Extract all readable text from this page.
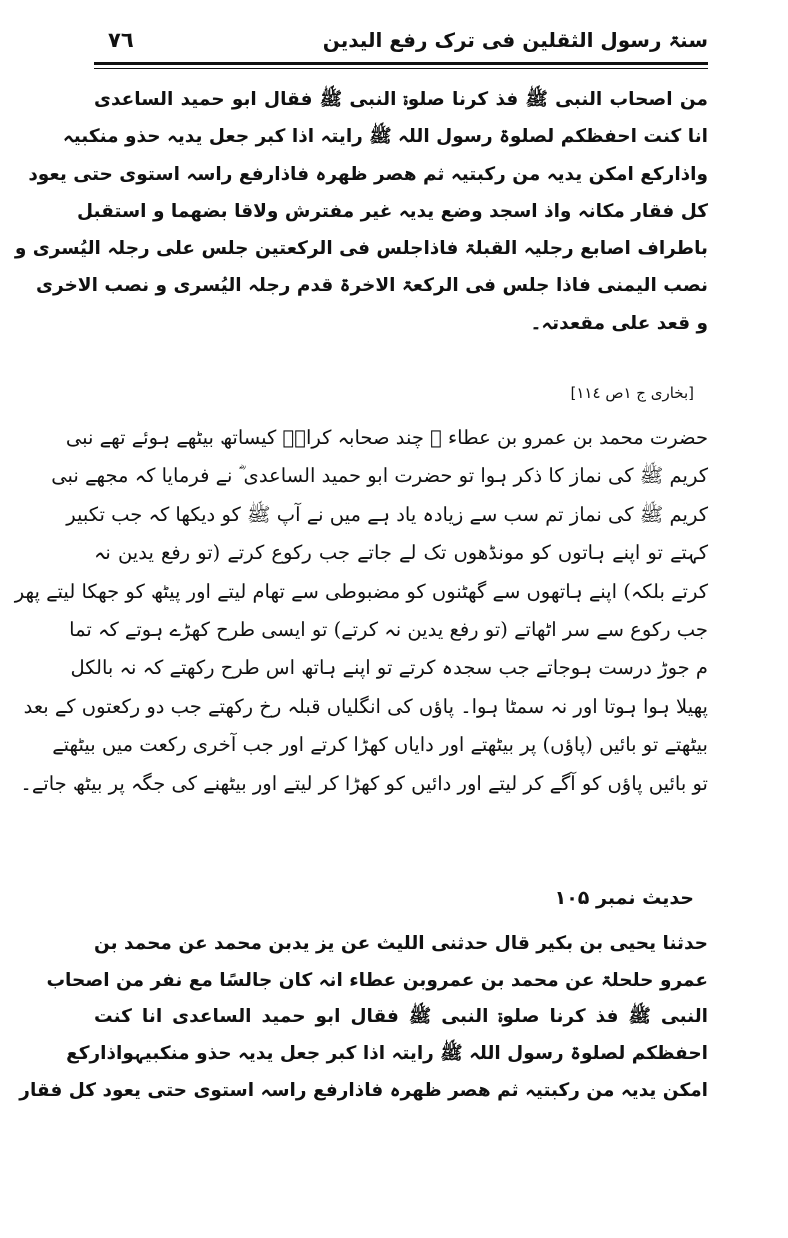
٧٦	سنۃ رسول الثقلین فی ترک رفع الیدین
من اصحاب النبی ﷺ فذ کرنا صلوۃ النبی ﷺ فقال ابو حمید الساعدی
انا کنت احفظکم لصلوۃ رسول اللہ ﷺ رایتہ اذا کبر جعل یدیہ حذو منکبیہ
واذارکع امکن یدیہ من رکبتیہ ثم ھصر ظھرہ فاذارفع راسہ استوی حتی یعود
کل فقار مکانہ واذ اسجد وضع یدیہ غیر مفترش ولاقا بضھما و استقبل
باطراف اصابع رجلیہ القبلۃ فاذاجلس فی الرکعتین جلس علی رجلہ الیُسری و
نصب الیمنی فاذا جلس فی الرکعۃ الاخرۃ قدم رجلہ الیُسری و نصب الاخری
و قعد علی مقعدتہ۔
[بخاری ج ۱ص ۱۱٤]
حضرت محمد بن عمرو بن عطاء ؒ چند صحابہ کرامؓ کیساتھ بیٹھے ہوئے تھے نبی
کریم ﷺ کی نماز کا ذکر ہوا تو حضرت ابو حمید الساعدی ؓ نے فرمایا کہ مجھے نبی
کریم ﷺ کی نماز تم سب سے زیادہ یاد ہے میں نے آپ ﷺ کو دیکھا کہ جب تکبیر
کہتے تو اپنے ہاتوں کو مونڈھوں تک لے جاتے جب رکوع کرتے (تو رفع یدین نہ
کرتے بلکہ) اپنے ہاتھوں سے گھٹنوں کو مضبوطی سے تھام لیتے اور پیٹھ کو جھکا لیتے پھر
جب رکوع سے سر اٹھاتے (تو رفع یدین نہ کرتے) تو ایسی طرح کھڑے ہوتے کہ تما
م جوڑ درست ہوجاتے جب سجدہ کرتے تو اپنے ہاتھ اس طرح رکھتے کہ نہ بالکل
پھیلا ہوا ہوتا اور نہ سمٹا ہوا۔ پاؤں کی انگلیاں قبلہ رخ رکھتے جب دو رکعتوں کے بعد
بیٹھتے تو بائیں (پاؤں) پر بیٹھتے اور دایاں کھڑا کرتے اور جب آخری رکعت میں بیٹھتے
تو بائیں پاؤں کو آگے کر لیتے اور دائیں کو کھڑا کر لیتے اور بیٹھنے کی جگہ پر بیٹھ جاتے۔
حدیث نمبر ۱۰۵
حدثنا یحیی بن بکیر قال حدثنی اللیث عن یز یدبن محمد عن محمد بن
عمرو حلحلۃ عن محمد بن عمروبن عطاء انہ کان جالسًا مع نفر من اصحاب
النبی ﷺ فذ کرنا صلوۃ النبی ﷺ فقال ابو حمید الساعدی انا کنت
احفظکم لصلوۃ رسول اللہ ﷺ رایتہ اذا کبر جعل یدیہ حذو منکبیہواذارکع
امکن یدیہ من رکبتیہ ثم ھصر ظھرہ فاذارفع راسہ استوی حتی یعود کل فقار
